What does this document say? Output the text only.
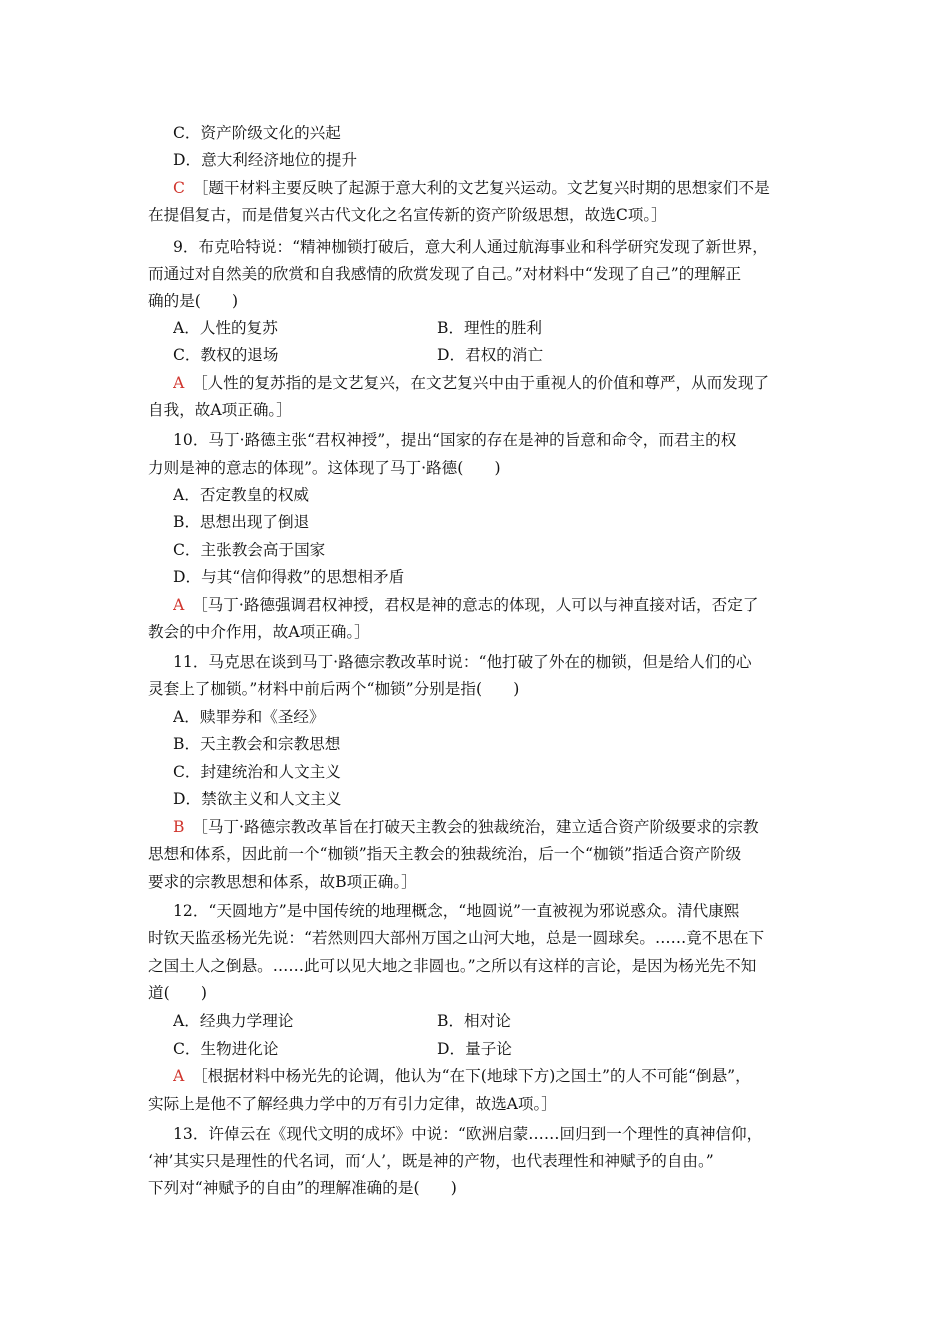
C．资产阶级文化的兴起
D．意大利经济地位的提升
C　 ［题干材料主要反映了起源于意大利的文艺复兴运动。文艺复兴时期的思想家们不是
在提倡复古，而是借复兴古代文化之名宣传新的资产阶级思想，故选C项。］
9．布克哈特说：“精神枷锁打破后，意大利人通过航海事业和科学研究发现了新世界，
而通过对自然美的欣赏和自我感情的欣赏发现了自己。”对材料中“发现了自己”的理解正
确的是(　　)
A．人性的复苏	B．理性的胜利
C．教权的退场	D．君权的消亡
A　 ［人性的复苏指的是文艺复兴，在文艺复兴中由于重视人的价值和尊严，从而发现了
自我，故A项正确。］
10．马丁·路德主张“君权神授”，提出“国家的存在是神的旨意和命令，而君主的权
力则是神的意志的体现”。这体现了马丁·路德(　　)
A．否定教皇的权威
B．思想出现了倒退
C．主张教会高于国家
D．与其“信仰得救”的思想相矛盾
A　 ［马丁·路德强调君权神授，君权是神的意志的体现，人可以与神直接对话，否定了
教会的中介作用，故A项正确。］
11．马克思在谈到马丁·路德宗教改革时说：“他打破了外在的枷锁，但是给人们的心
灵套上了枷锁。”材料中前后两个“枷锁”分别是指(　　)
A．赎罪券和《圣经》
B．天主教会和宗教思想
C．封建统治和人文主义
D．禁欲主义和人文主义
B　 ［马丁·路德宗教改革旨在打破天主教会的独裁统治，建立适合资产阶级要求的宗教
思想和体系，因此前一个“枷锁”指天主教会的独裁统治，后一个“枷锁”指适合资产阶级
要求的宗教思想和体系，故B项正确。］
12．“天圆地方”是中国传统的地理概念，“地圆说”一直被视为邪说惑众。清代康熙
时钦天监丞杨光先说：“若然则四大部州万国之山河大地，总是一圆球矣。……竟不思在下
之国土人之倒悬。……此可以见大地之非圆也。”之所以有这样的言论，是因为杨光先不知
道(　　)
A．经典力学理论	B．相对论
C．生物进化论	D．量子论
A　 ［根据材料中杨光先的论调，他认为“在下(地球下方)之国土”的人不可能“倒悬”，
实际上是他不了解经典力学中的万有引力定律，故选A项。］
13．许倬云在《现代文明的成坏》中说：“欧洲启蒙……回归到一个理性的真神信仰，
‘神’其实只是理性的代名词，而‘人’，既是神的产物，也代表理性和神赋予的自由。”
下列对“神赋予的自由”的理解准确的是(　　)
